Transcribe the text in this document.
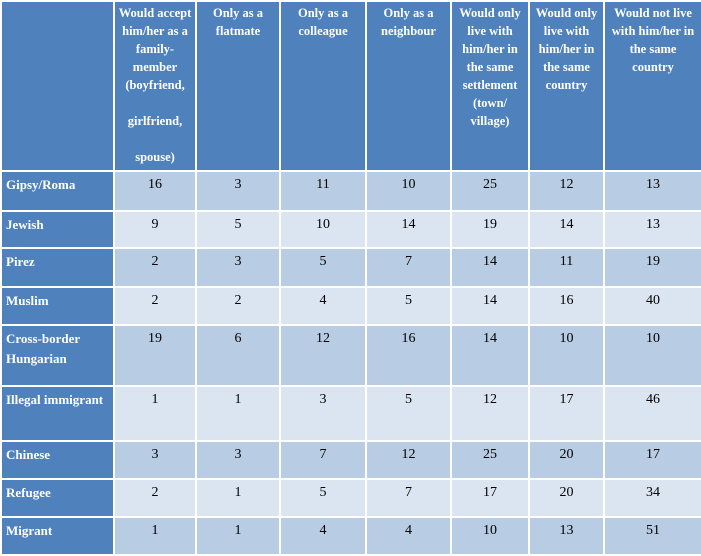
	Would accept him/her as a family-member (boyfriend,
girlfriend,
spouse)	Only as a flatmate	Only as a colleague	Only as a neighbour	Would only live with him/her in the same settlement (town/ village)	Would only live with him/her in the same country	Would not live with him/her in the same country
Gipsy/Roma	16	3	11	10	25	12	13
Jewish	9	5	10	14	19	14	13
Pirez	2	3	5	7	14	11	19
Muslim	2	2	4	5	14	16	40
Cross-border Hungarian	19	6	12	16	14	10	10
Illegal immigrant	1	1	3	5	12	17	46
Chinese	3	3	7	12	25	20	17
Refugee	2	1	5	7	17	20	34
Migrant	1	1	4	4	10	13	51
